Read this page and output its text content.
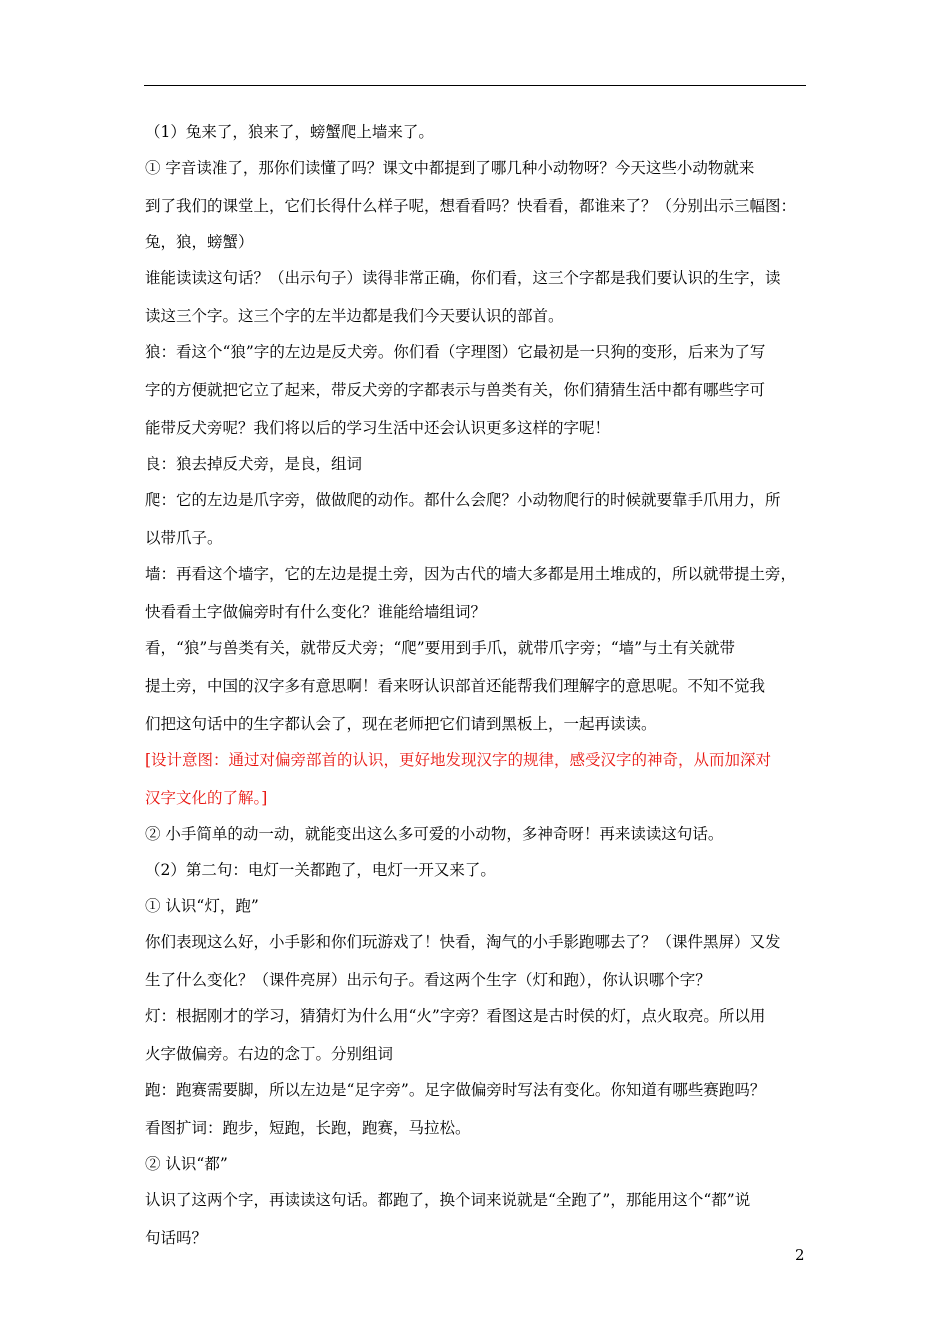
（1）兔来了，狼来了，螃蟹爬上墙来了。

① 字音读准了，那你们读懂了吗？课文中都提到了哪几种小动物呀？今天这些小动物就来

到了我们的课堂上，它们长得什么样子呢，想看看吗？快看看，都谁来了？（分别出示三幅图：

兔，狼，螃蟹）

谁能读读这句话？（出示句子）读得非常正确，你们看，这三个字都是我们要认识的生字，读

读这三个字。这三个字的左半边都是我们今天要认识的部首。

狼：看这个“狼”字的左边是反犬旁。你们看（字理图）它最初是一只狗的变形，后来为了写

字的方便就把它立了起来，带反犬旁的字都表示与兽类有关，你们猜猜生活中都有哪些字可

能带反犬旁呢？我们将以后的学习生活中还会认识更多这样的字呢！

良：狼去掉反犬旁，是良，组词

爬：它的左边是爪字旁，做做爬的动作。都什么会爬？小动物爬行的时候就要靠手爪用力，所

以带爪子。

墙：再看这个墙字，它的左边是提土旁，因为古代的墙大多都是用土堆成的，所以就带提土旁，

快看看土字做偏旁时有什么变化？谁能给墙组词？

看，“狼”与兽类有关，就带反犬旁；“爬”要用到手爪，就带爪字旁；“墙”与土有关就带

提土旁，中国的汉字多有意思啊！看来呀认识部首还能帮我们理解字的意思呢。不知不觉我

们把这句话中的生字都认会了，现在老师把它们请到黑板上，一起再读读。

[设计意图：通过对偏旁部首的认识，更好地发现汉字的规律，感受汉字的神奇，从而加深对

汉字文化的了解。]

② 小手简单的动一动，就能变出这么多可爱的小动物，多神奇呀！再来读读这句话。

（2）第二句：电灯一关都跑了，电灯一开又来了。

① 认识“灯，跑”

你们表现这么好，小手影和你们玩游戏了！快看，淘气的小手影跑哪去了？（课件黑屏）又发

生了什么变化？（课件亮屏）出示句子。看这两个生字（灯和跑），你认识哪个字？

灯：根据刚才的学习，猜猜灯为什么用“火”字旁？看图这是古时侯的灯，点火取亮。所以用

火字做偏旁。右边的念丁。分别组词

跑：跑赛需要脚，所以左边是“足字旁”。足字做偏旁时写法有变化。你知道有哪些赛跑吗？

看图扩词：跑步，短跑，长跑，跑赛，马拉松。

② 认识“都”

认识了这两个字，再读读这句话。都跑了，换个词来说就是“全跑了”，那能用这个“都”说

句话吗？

2
